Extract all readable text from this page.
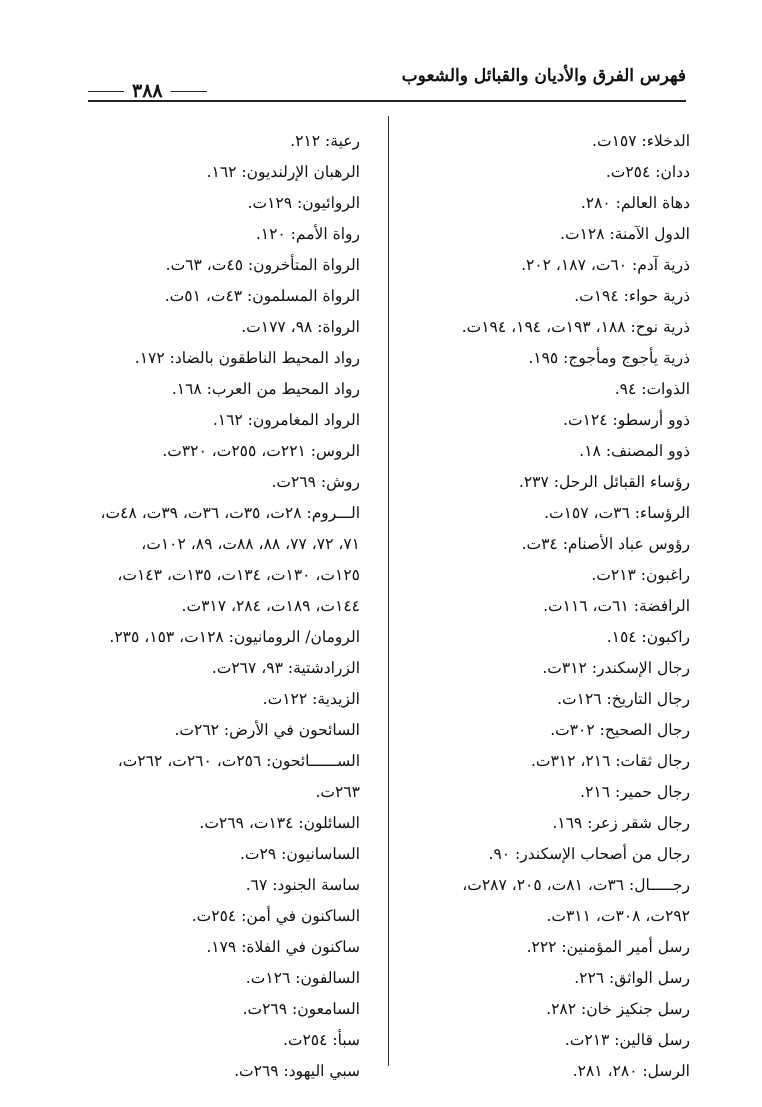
فهرس الفرق والأديان والقبائل والشعوب
٣٨٨
الدخلاء: ١٥٧ت.
ددان: ٢٥٤ت.
دهاة العالم: ٢٨٠.
الدول الآمنة: ١٢٨ت.
ذرية آدم: ٦٠ت، ١٨٧، ٢٠٢.
ذرية حواء: ١٩٤ت.
ذرية نوح: ١٨٨، ١٩٣ت، ١٩٤، ١٩٤ت.
ذرية يأجوج ومأجوج: ١٩٥.
الذوات: ٩٤.
ذوو أرسطو: ١٢٤ت.
ذوو المصنف: ١٨.
رؤساء القبائل الرحل: ٢٣٧.
الرؤساء: ٣٦ت، ١٥٧ت.
رؤوس عباد الأصنام: ٣٤ت.
راغبون: ٢١٣ت.
الرافضة: ٦١ت، ١١٦ت.
راكبون: ١٥٤.
رجال الإسكندر: ٣١٢ت.
رجال التاريخ: ١٢٦ت.
رجال الصحيح: ٣٠٢ت.
رجال ثقات: ٢١٦، ٣١٢ت.
رجال حمير: ٢١٦.
رجال شقر زعر: ١٦٩.
رجال من أصحاب الإسكندر: ٩٠.
رجـــــال: ٣٦ت، ٨١ت، ٢٠٥، ٢٨٧ت،
٢٩٢ت، ٣٠٨ت، ٣١١ت.
رسل أمير المؤمنين: ٢٢٢.
رسل الواثق: ٢٢٦.
رسل جنكيز خان: ٢٨٢.
رسل قالين: ٢١٣ت.
الرسل: ٢٨٠، ٢٨١.
رعية: ٢١٢.
الرهبان الإرلنديون: ١٦٢.
الروائيون: ١٢٩ت.
رواة الأمم: ١٢٠.
الرواة المتأخرون: ٤٥ت، ٦٣ت.
الرواة المسلمون: ٤٣ت، ٥١ت.
الرواة: ٩٨، ١٧٧ت.
رواد المحيط الناطقون بالضاد: ١٧٢.
رواد المحيط من العرب: ١٦٨.
الرواد المغامرون: ١٦٢.
الروس: ٢٢١ت، ٢٥٥ت، ٣٢٠ت.
روش: ٢٦٩ت.
الـــروم: ٢٨ت، ٣٥ت، ٣٦ت، ٣٩ت، ٤٨ت،
٧١، ٧٢، ٧٧، ٨٨، ٨٨ت، ٨٩، ١٠٢ت،
١٢٥ت، ١٣٠ت، ١٣٤ت، ١٣٥ت، ١٤٣ت،
١٤٤ت، ١٨٩ت، ٢٨٤، ٣١٧ت.
الرومان/ الرومانيون: ١٢٨ت، ١٥٣، ٢٣٥.
الزرادشتية: ٩٣، ٢٦٧ت.
الزيدية: ١٢٢ت.
السائحون في الأرض: ٢٦٢ت.
الســــــائحون: ٢٥٦ت، ٢٦٠ت، ٢٦٢ت،
٢٦٣ت.
السائلون: ١٣٤ت، ٢٦٩ت.
الساسانيون: ٢٩ت.
ساسة الجنود: ٦٧.
الساكنون في أمن: ٢٥٤ت.
ساكنون في الفلاة: ١٧٩.
السالفون: ١٢٦ت.
السامعون: ٢٦٩ت.
سبأ: ٢٥٤ت.
سبي اليهود: ٢٦٩ت.
